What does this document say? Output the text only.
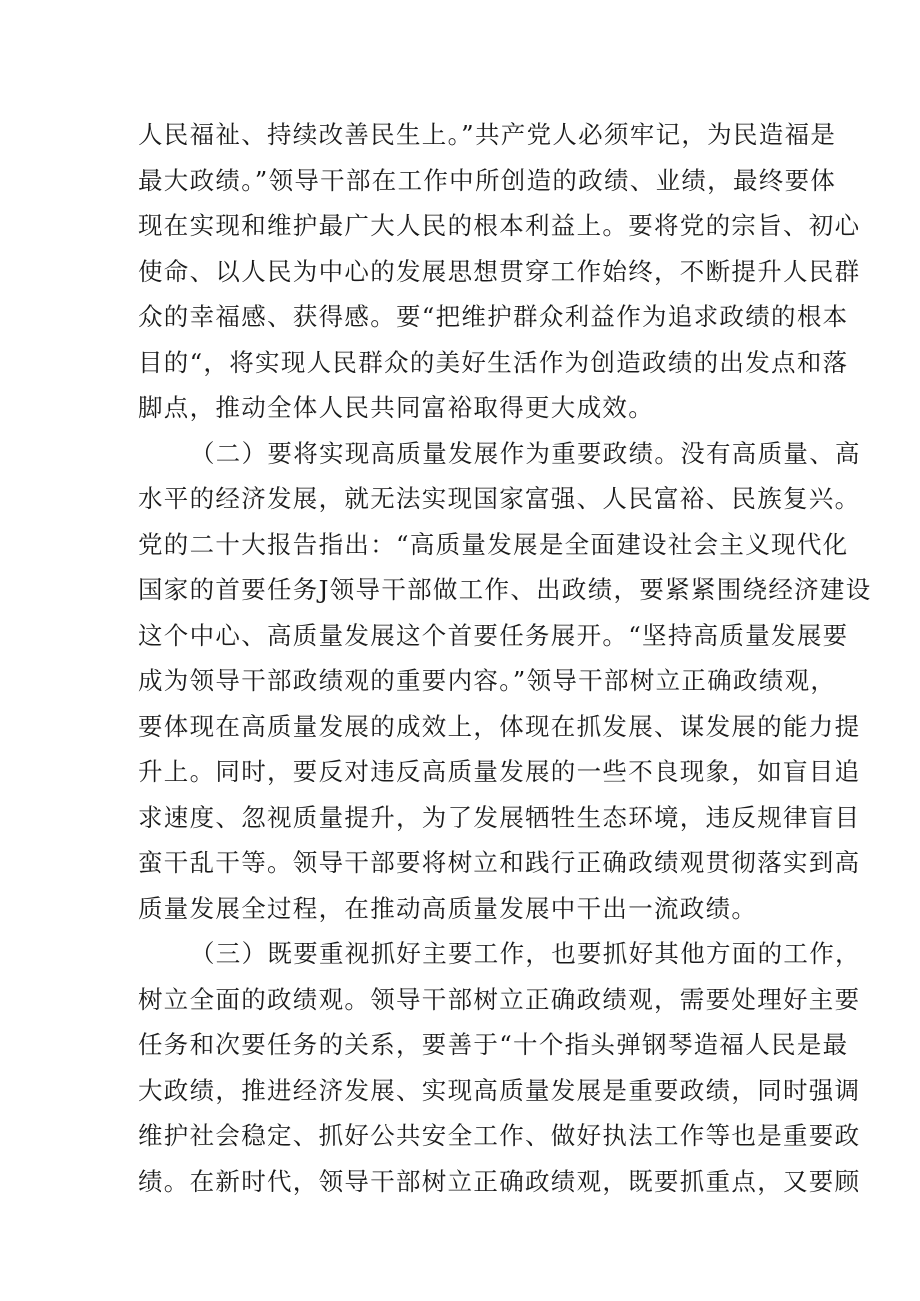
人民福祉、持续改善民生上。”共产党人必须牢记，为民造福是
最大政绩。”领导干部在工作中所创造的政绩、业绩，最终要体
现在实现和维护最广大人民的根本利益上。要将党的宗旨、初心
使命、以人民为中心的发展思想贯穿工作始终，不断提升人民群
众的幸福感、获得感。要“把维护群众利益作为追求政绩的根本
目的“，将实现人民群众的美好生活作为创造政绩的出发点和落
脚点，推动全体人民共同富裕取得更大成效。
（二）要将实现高质量发展作为重要政绩。没有高质量、高
水平的经济发展，就无法实现国家富强、人民富裕、民族复兴。
党的二十大报告指出：“高质量发展是全面建设社会主义现代化
国家的首要任务J领导干部做工作、出政绩，要紧紧围绕经济建设
这个中心、高质量发展这个首要任务展开。“坚持高质量发展要
成为领导干部政绩观的重要内容。”领导干部树立正确政绩观，
要体现在高质量发展的成效上，体现在抓发展、谋发展的能力提
升上。同时，要反对违反高质量发展的一些不良现象，如盲目追
求速度、忽视质量提升，为了发展牺牲生态环境，违反规律盲目
蛮干乱干等。领导干部要将树立和践行正确政绩观贯彻落实到高
质量发展全过程，在推动高质量发展中干出一流政绩。
（三）既要重视抓好主要工作，也要抓好其他方面的工作，
树立全面的政绩观。领导干部树立正确政绩观，需要处理好主要
任务和次要任务的关系，要善于“十个指头弹钢琴造福人民是最
大政绩，推进经济发展、实现高质量发展是重要政绩，同时强调
维护社会稳定、抓好公共安全工作、做好执法工作等也是重要政
绩。在新时代，领导干部树立正确政绩观，既要抓重点，又要顾
